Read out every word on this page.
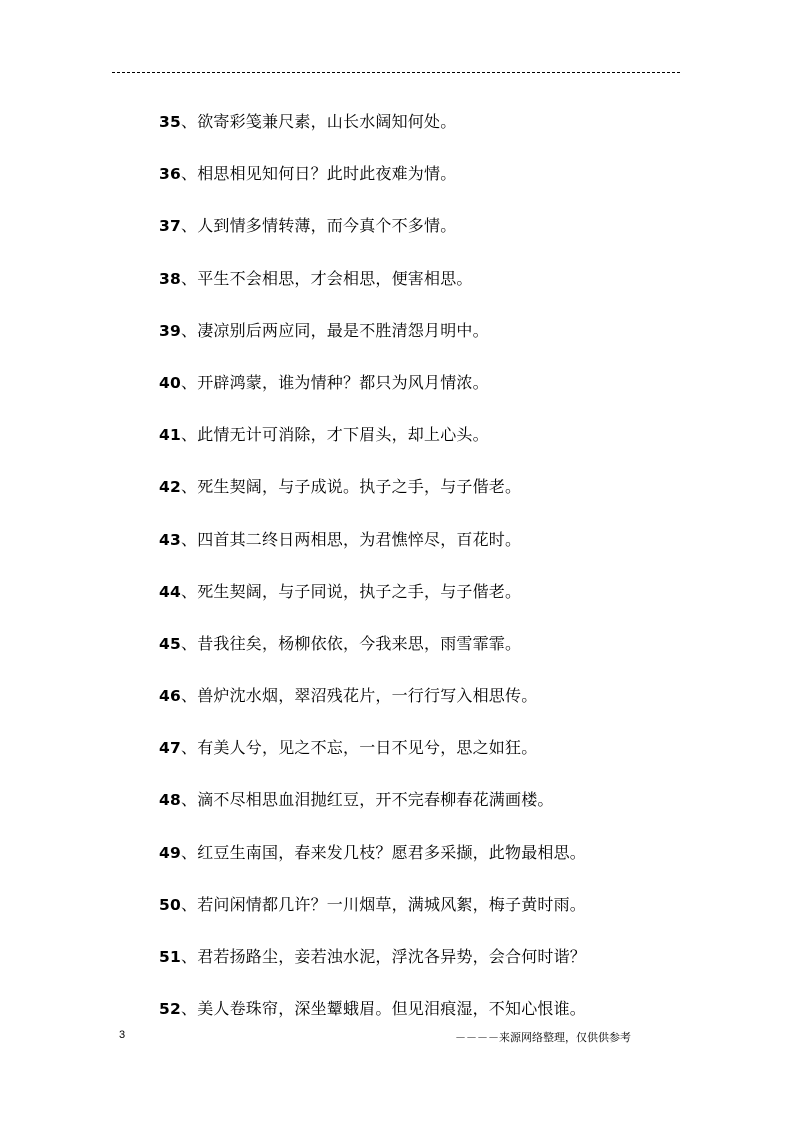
35、欲寄彩笺兼尺素，山长水阔知何处。
36、相思相见知何日？此时此夜难为情。
37、人到情多情转薄，而今真个不多情。
38、平生不会相思，才会相思，便害相思。
39、凄凉别后两应同，最是不胜清怨月明中。
40、开辟鸿蒙，谁为情种？都只为风月情浓。
41、此情无计可消除，才下眉头，却上心头。
42、死生契阔，与子成说。执子之手，与子偕老。
43、四首其二终日两相思，为君憔悴尽，百花时。
44、死生契阔，与子同说，执子之手，与子偕老。
45、昔我往矣，杨柳依依，今我来思，雨雪霏霏。
46、兽炉沈水烟，翠沼残花片，一行行写入相思传。
47、有美人兮，见之不忘，一日不见兮，思之如狂。
48、滴不尽相思血泪抛红豆，开不完春柳春花满画楼。
49、红豆生南国，春来发几枝？愿君多采撷，此物最相思。
50、若问闲情都几许？一川烟草，满城风絮，梅子黄时雨。
51、君若扬路尘，妾若浊水泥，浮沈各异势，会合何时谐？
52、美人卷珠帘，深坐颦蛾眉。但见泪痕湿，不知心恨谁。
3	－－－－来源网络整理，仅供供参考
